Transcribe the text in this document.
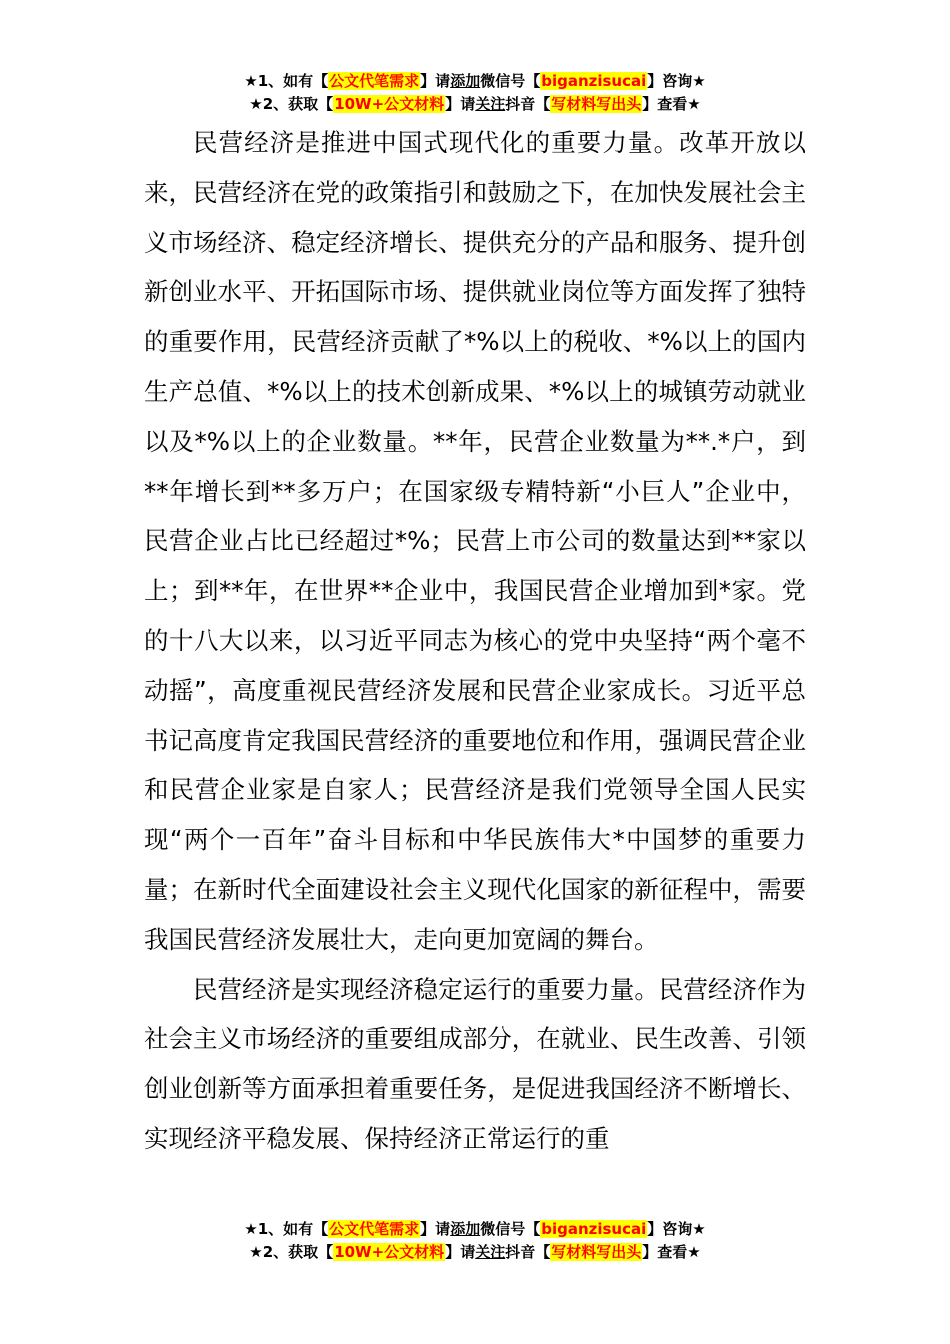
★1、如有【公文代笔需求】请添加微信号【biganzisucai】咨询★
★2、获取【10W+公文材料】请关注抖音【写材料写出头】查看★

民营经济是推进中国式现代化的重要力量。改革开放以来，民营经济在党的政策指引和鼓励之下，在加快发展社会主义市场经济、稳定经济增长、提供充分的产品和服务、提升创新创业水平、开拓国际市场、提供就业岗位等方面发挥了独特的重要作用，民营经济贡献了*%以上的税收、*%以上的国内生产总值、*%以上的技术创新成果、*%以上的城镇劳动就业以及*%以上的企业数量。**年，民营企业数量为**.*户，到**年增长到**多万户；在国家级专精特新“小巨人”企业中，民营企业占比已经超过*%；民营上市公司的数量达到**家以上；到**年，在世界**企业中，我国民营企业增加到*家。党的十八大以来，以习近平同志为核心的党中央坚持“两个毫不动摇”，高度重视民营经济发展和民营企业家成长。习近平总书记高度肯定我国民营经济的重要地位和作用，强调民营企业和民营企业家是自家人；民营经济是我们党领导全国人民实现“两个一百年”奋斗目标和中华民族伟大*中国梦的重要力量；在新时代全面建设社会主义现代化国家的新征程中，需要我国民营经济发展壮大，走向更加宽阔的舞台。

民营经济是实现经济稳定运行的重要力量。民营经济作为社会主义市场经济的重要组成部分，在就业、民生改善、引领创业创新等方面承担着重要任务，是促进我国经济不断增长、实现经济平稳发展、保持经济正常运行的重

★1、如有【公文代笔需求】请添加微信号【biganzisucai】咨询★
★2、获取【10W+公文材料】请关注抖音【写材料写出头】查看★
